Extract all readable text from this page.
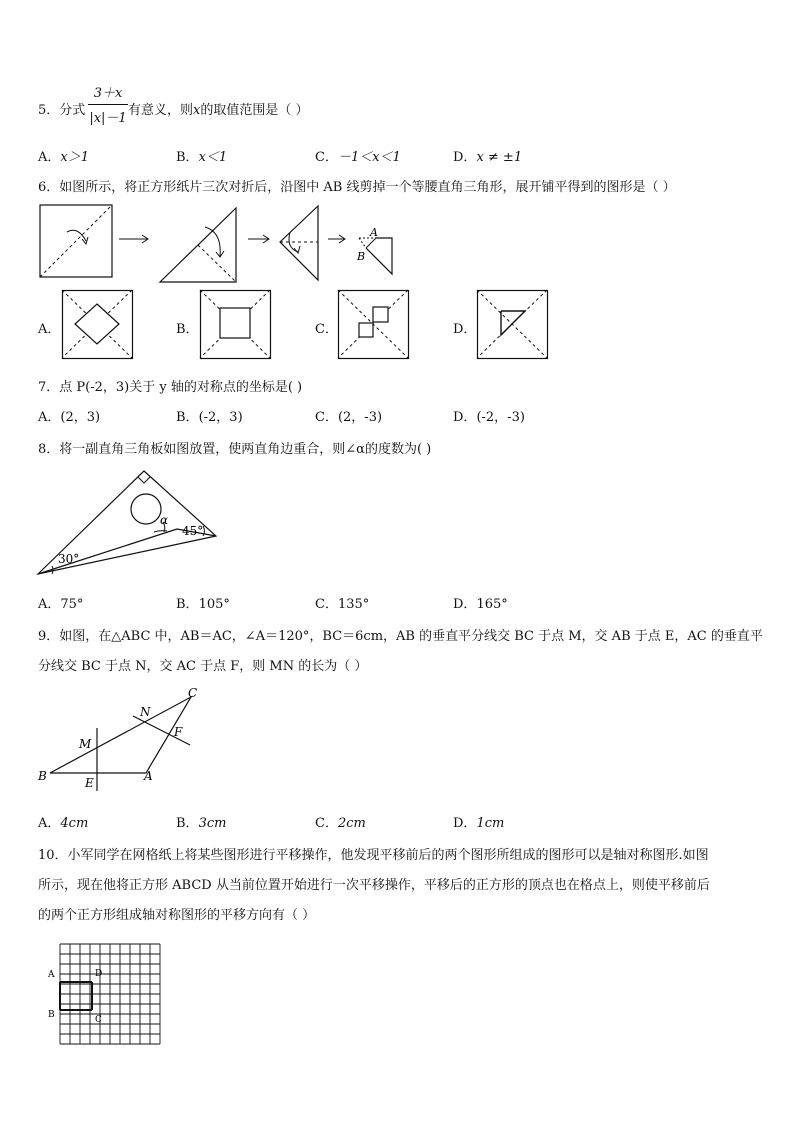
5．分式
3＋x
|x|－1
有意义，则x的取值范围是（ ）
A．x＞1	B．x＜1	C．－1＜x＜1	D．x ≠ ±1
6．如图所示，将正方形纸片三次对折后，沿图中 AB 线剪掉一个等腰直角三角形，展开铺平得到的图形是（ ）
A
B
A．	B．	C．	D．
7．点 P(-2，3)关于 y 轴的对称点的坐标是( )
A．(2，3)	B．(-2，3)	C．(2，-3)	D．(-2，-3)
8．将一副直角三角板如图放置，使两直角边重合，则∠α的度数为( )
α
45°
30°
A．75°	B．105°	C．135°	D．165°
9．如图，在△ABC 中，AB＝AC，∠A＝120°，BC＝6cm，AB 的垂直平分线交 BC 于点 M，交 AB 于点 E，AC 的垂直平
分线交 BC 于点 N，交 AC 于点 F，则 MN 的长为（ ）
C
N
F
M
B	E	A
A．4cm	B．3cm	C．2cm	D．1cm
10．小军同学在网格纸上将某些图形进行平移操作，他发现平移前后的两个图形所组成的图形可以是轴对称图形.如图
所示，现在他将正方形 ABCD 从当前位置开始进行一次平移操作，平移后的正方形的顶点也在格点上，则使平移前后
的两个正方形组成轴对称图形的平移方向有（ ）
A	D
B	C
